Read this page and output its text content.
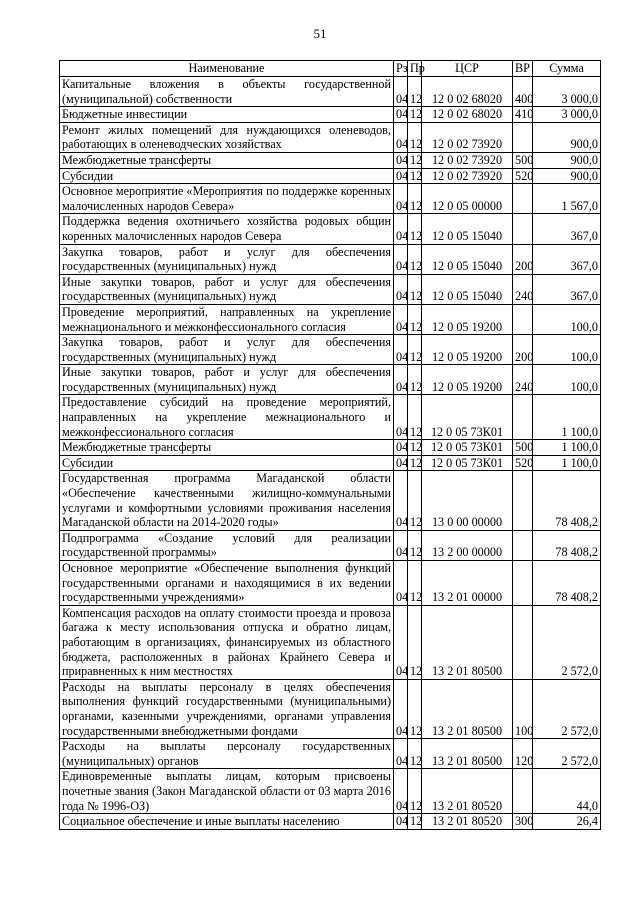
51
Наименование	Рз	Пр	ЦСР	ВР	Сумма
Капитальные вложения в объекты государственной (муниципальной) собственности	04	12	12 0 02 68020	400	3 000,0
Бюджетные инвестиции	04	12	12 0 02 68020	410	3 000,0
Ремонт жилых помещений для нуждающихся оленеводов, работающих в оленеводческих хозяйствах	04	12	12 0 02 73920		900,0
Межбюджетные трансферты	04	12	12 0 02 73920	500	900,0
Субсидии	04	12	12 0 02 73920	520	900,0
Основное мероприятие «Мероприятия по поддержке коренных малочисленных народов Севера»	04	12	12 0 05 00000		1 567,0
Поддержка ведения охотничьего хозяйства родовых общин коренных малочисленных народов Севера	04	12	12 0 05 15040		367,0
Закупка товаров, работ и услуг для обеспечения государственных (муниципальных) нужд	04	12	12 0 05 15040	200	367,0
Иные закупки товаров, работ и услуг для обеспечения государственных (муниципальных) нужд	04	12	12 0 05 15040	240	367,0
Проведение мероприятий, направленных на укрепление межнационального и межконфессионального согласия	04	12	12 0 05 19200		100,0
Закупка товаров, работ и услуг для обеспечения государственных (муниципальных) нужд	04	12	12 0 05 19200	200	100,0
Иные закупки товаров, работ и услуг для обеспечения государственных (муниципальных) нужд	04	12	12 0 05 19200	240	100,0
Предоставление субсидий на проведение мероприятий, направленных на укрепление межнационального и межконфессионального согласия	04	12	12 0 05 73К01		1 100,0
Межбюджетные трансферты	04	12	12 0 05 73К01	500	1 100,0
Субсидии	04	12	12 0 05 73К01	520	1 100,0
Государственная программа Магаданской области «Обеспечение качественными жилищно-коммунальными услугами и комфортными условиями проживания населения Магаданской области на 2014-2020 годы»	04	12	13 0 00 00000		78 408,2
Подпрограмма «Создание условий для реализации государственной программы»	04	12	13 2 00 00000		78 408,2
Основное мероприятие «Обеспечение выполнения функций государственными органами и находящимися в их ведении государственными учреждениями»	04	12	13 2 01 00000		78 408,2
Компенсация расходов на оплату стоимости проезда и провоза багажа к месту использования отпуска и обратно лицам, работающим в организациях, финансируемых из областного бюджета, расположенных в районах Крайнего Севера и приравненных к ним местностях	04	12	13 2 01 80500		2 572,0
Расходы на выплаты персоналу в целях обеспечения выполнения функций государственными (муниципальными) органами, казенными учреждениями, органами управления государственными внебюджетными фондами	04	12	13 2 01 80500	100	2 572,0
Расходы на выплаты персоналу государственных (муниципальных) органов	04	12	13 2 01 80500	120	2 572,0
Единовременные выплаты лицам, которым присвоены почетные звания (Закон Магаданской области от 03 марта 2016 года № 1996-ОЗ)	04	12	13 2 01 80520		44,0
Социальное обеспечение и иные выплаты населению	04	12	13 2 01 80520	300	26,4
